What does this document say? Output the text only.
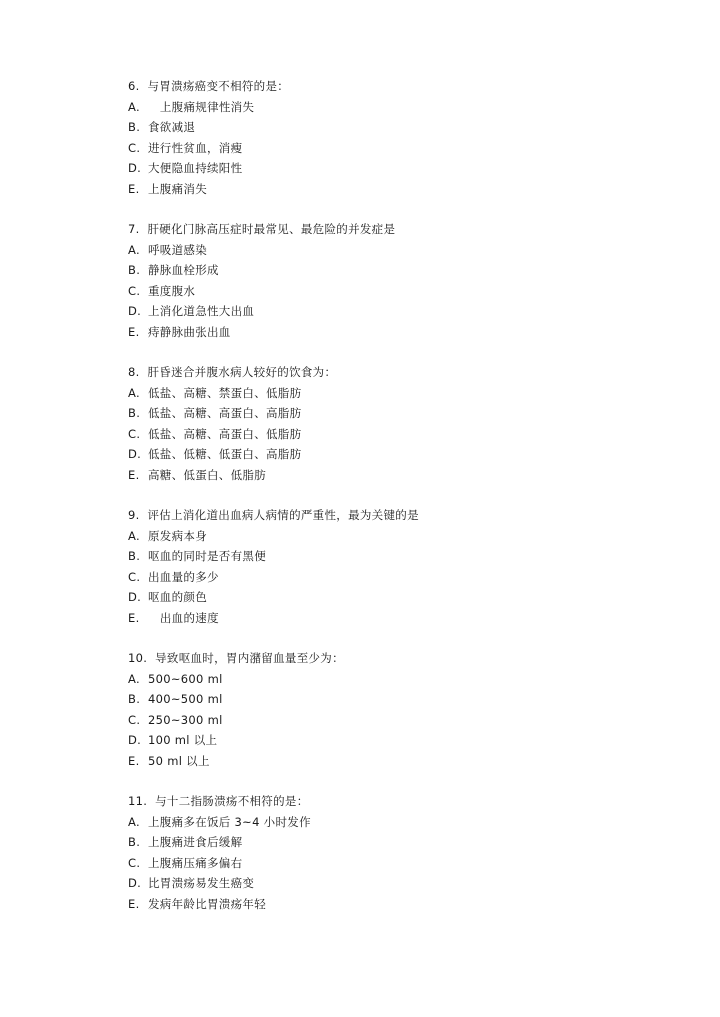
6.  与胃溃疡癌变不相符的是：
A.   上腹痛规律性消失
B. 食欲减退
C. 进行性贫血，消瘦
D. 大便隐血持续阳性
E. 上腹痛消失
7.  肝硬化门脉高压症时最常见、最危险的并发症是
A. 呼吸道感染
B. 静脉血栓形成
C. 重度腹水
D. 上消化道急性大出血
E. 痔静脉曲张出血
8.  肝昏迷合并腹水病人较好的饮食为：
A. 低盐、高糖、禁蛋白、低脂肪
B. 低盐、高糖、高蛋白、高脂肪
C. 低盐、高糖、高蛋白、低脂肪
D. 低盐、低糖、低蛋白、高脂肪
E. 高糖、低蛋白、低脂肪
9.  评估上消化道出血病人病情的严重性，最为关键的是
A. 原发病本身
B. 呕血的同时是否有黑便
C. 出血量的多少
D. 呕血的颜色
E.   出血的速度
10.  导致呕血时，胃内潴留血量至少为：
A. 500~600 ml
B. 400~500 ml
C. 250~300 ml
D. 100 ml 以上
E. 50 ml 以上
11.  与十二指肠溃疡不相符的是：
A. 上腹痛多在饭后 3~4 小时发作
B. 上腹痛进食后缓解
C. 上腹痛压痛多偏右
D. 比胃溃疡易发生癌变
E. 发病年龄比胃溃疡年轻
